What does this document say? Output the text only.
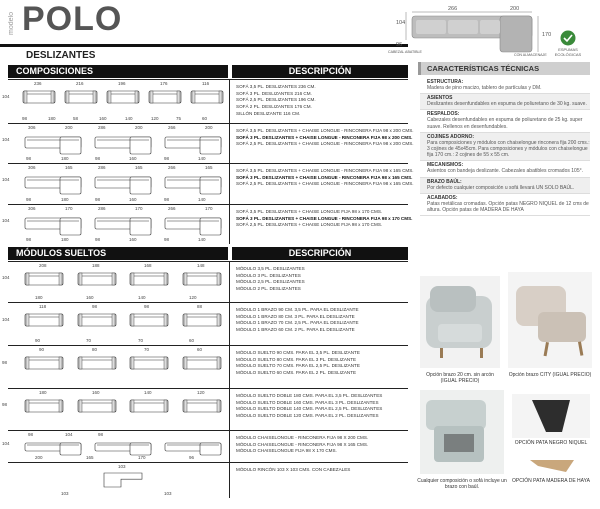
modelo POLO
DESLIZANTES
266	200
104
96
170
CABEZAL ABATIBLE
CON ALMACENAJE
ESPUMAS ECOLÓGICAS
COMPOSICIONES	DESCRIPCIÓN
104
236	216	196	176	116
98	180	58	160	140	120	75	60
SOFÁ 3,5 PL. DESLIZANTES 236 CM.
SOFÁ 3 PL. DESLIZANTES 216 CM.
SOFÁ 2,5 PL. DESLIZANTES 196 CM.
SOFÁ 2 PL. DESLIZANTES 176 CM.
SILLÓN DESLIZANTE 116 CM.
104
306	200	286	200	266	200
98	180	98	160	98	140
SOFÁ 3,5 PL. DESLIZANTES + CHAISE LONGUE - RINCONERA FIJA 98 x 200 CMS.
SOFÁ 3 PL. DESLIZANTES + CHAISE LONGUE - RINCONERA FIJA 98 x 200 CMS.
SOFÁ 2,5 PL. DESLIZANTES + CHAISE LONGUE - RINCONERA FIJA 98 x 200 CMS.
104
306	165	286	165	266	165
98	180	98	160	98	140
SOFÁ 3,5 PL. DESLIZANTES + CHAISE LONGUE - RINCONERA FIJA 98 x 165 CMS.
SOFÁ 3 PL. DESLIZANTES + CHAISE LONGUE - RINCONERA FIJA 98 x 165 CMS.
SOFÁ 2,5 PL. DESLIZANTES + CHAISE LONGUE - RINCONERA FIJA 98 x 165 CMS.
104
306	170	286	170	266	170
98	180	98	160	98	140
SOFÁ 3,5 PL. DESLIZANTES + CHAISE LONGUE FIJA 98 x 170 CMS.
SOFÁ 3 PL. DESLIZANTES + CHAISE LONGUE - RINCONERA FIJA 98 x 170 CMS.
SOFÁ 2,5 PL. DESLIZANTES + CHAISE LONGUE FIJA 98 x 170 CMS.
MÓDULOS SUELTOS	DESCRIPCIÓN
104
208	188	168	148
180	160	140	120
MÓDULO 3,5 PL. DESLIZANTES
MÓDULO 3 PL. DESLIZANTES
MÓDULO 2,5 PL. DESLIZANTES
MÓDULO 2 PL. DESLIZANTES
104
118	98	98	88
90	70	70	60
MÓDULO 1 BRAZO 90 CM. 3,5 PL. PARA EL DESLIZANTE
MÓDULO 1 BRAZO 80 CM. 3 PL. PARA EL DESLIZANTE
MÓDULO 1 BRAZO 70 CM. 2,5 PL. PARA EL DESLIZANTE
MÓDULO 1 BRAZO 60 CM. 2 PL. PARA EL DESLIZANTE
98
90	80	70	60
MÓDULO SUELTO 90 CMS. PARA EL 3,5 PL. DESLIZANTE
MÓDULO SUELTO 80 CMS. PARA EL 3 PL. DESLIZANTE
MÓDULO SUELTO 70 CMS. PARA EL 2,5 PL. DESLIZANTE
MÓDULO SUELTO 60 CMS. PARA EL 2 PL. DESLIZANTE
98
180	160	140	120
MÓDULO SUELTO DOBLE 180 CMS. PARA EL 3,5 PL. DESLIZANTES
MÓDULO SUELTO DOBLE 160 CMS. PARA EL 3 PL. DESLIZANTES
MÓDULO SUELTO DOBLE 140 CMS. PARA EL 2,5 PL. DESLIZANTES
MÓDULO SUELTO DOBLE 120 CMS. PARA EL 2 PL. DESLIZANTES
104
98	104	98
200	165	170	96
MÓDULO CHAISELONGUE - RINCONERA FIJA 98 X 200 CMS.
MÓDULO CHAISELONGUE - RINCONERA FIJA 98 X 165 CMS.
MÓDULO CHAISELONGUE FIJA 98 X 170 CMS.
103
103	103
MÓDULO RINCÓN 103 X 103 CMS. CON CABEZALES
CARACTERÍSTICAS TÉCNICAS
ESTRUCTURA:
Madera de pino macizo, tablero de partículas y DM.
ASIENTOS
Deslizantes desenfundables en espuma de poliuretano de 30 kg. suave.
RESPALDOS:
Cabezales desenfundables en espuma de poliuretano de 25 kg. super suave. Rellenos en desenfundables.
COJINES ADORNO:
Para composiciones y módulos con chaiselongue rinconera fija 200 cms.: 3 cojines de 45x45cm. Para composiciones y módulos con chaiselongue fija 170 cm.: 2 cojines de 55 x 55 cm.
MECANISMOS:
Asientos con bandeja deslizante. Cabezales abatibles cromados 105°.
BRAZO BAÚL:
Por defecto cualquier composición u sofá llevará UN SOLO BAÚL.
ACABADOS:
Patas metálicas cromadas. Opción patas NEGRO NIQUEL de 12 cms de altura. Opción patas de MADERA DE HAYA
Opción brazo 20 cm. sin arcón (IGUAL PRECIO)
Opción brazo CITY (IGUAL PRECIO)
Cualquier composición o sofá incluye un brazo con baúl.
OPCIÓN PATA NEGRO NIQUEL
OPCIÓN PATA MADERA DE HAYA
